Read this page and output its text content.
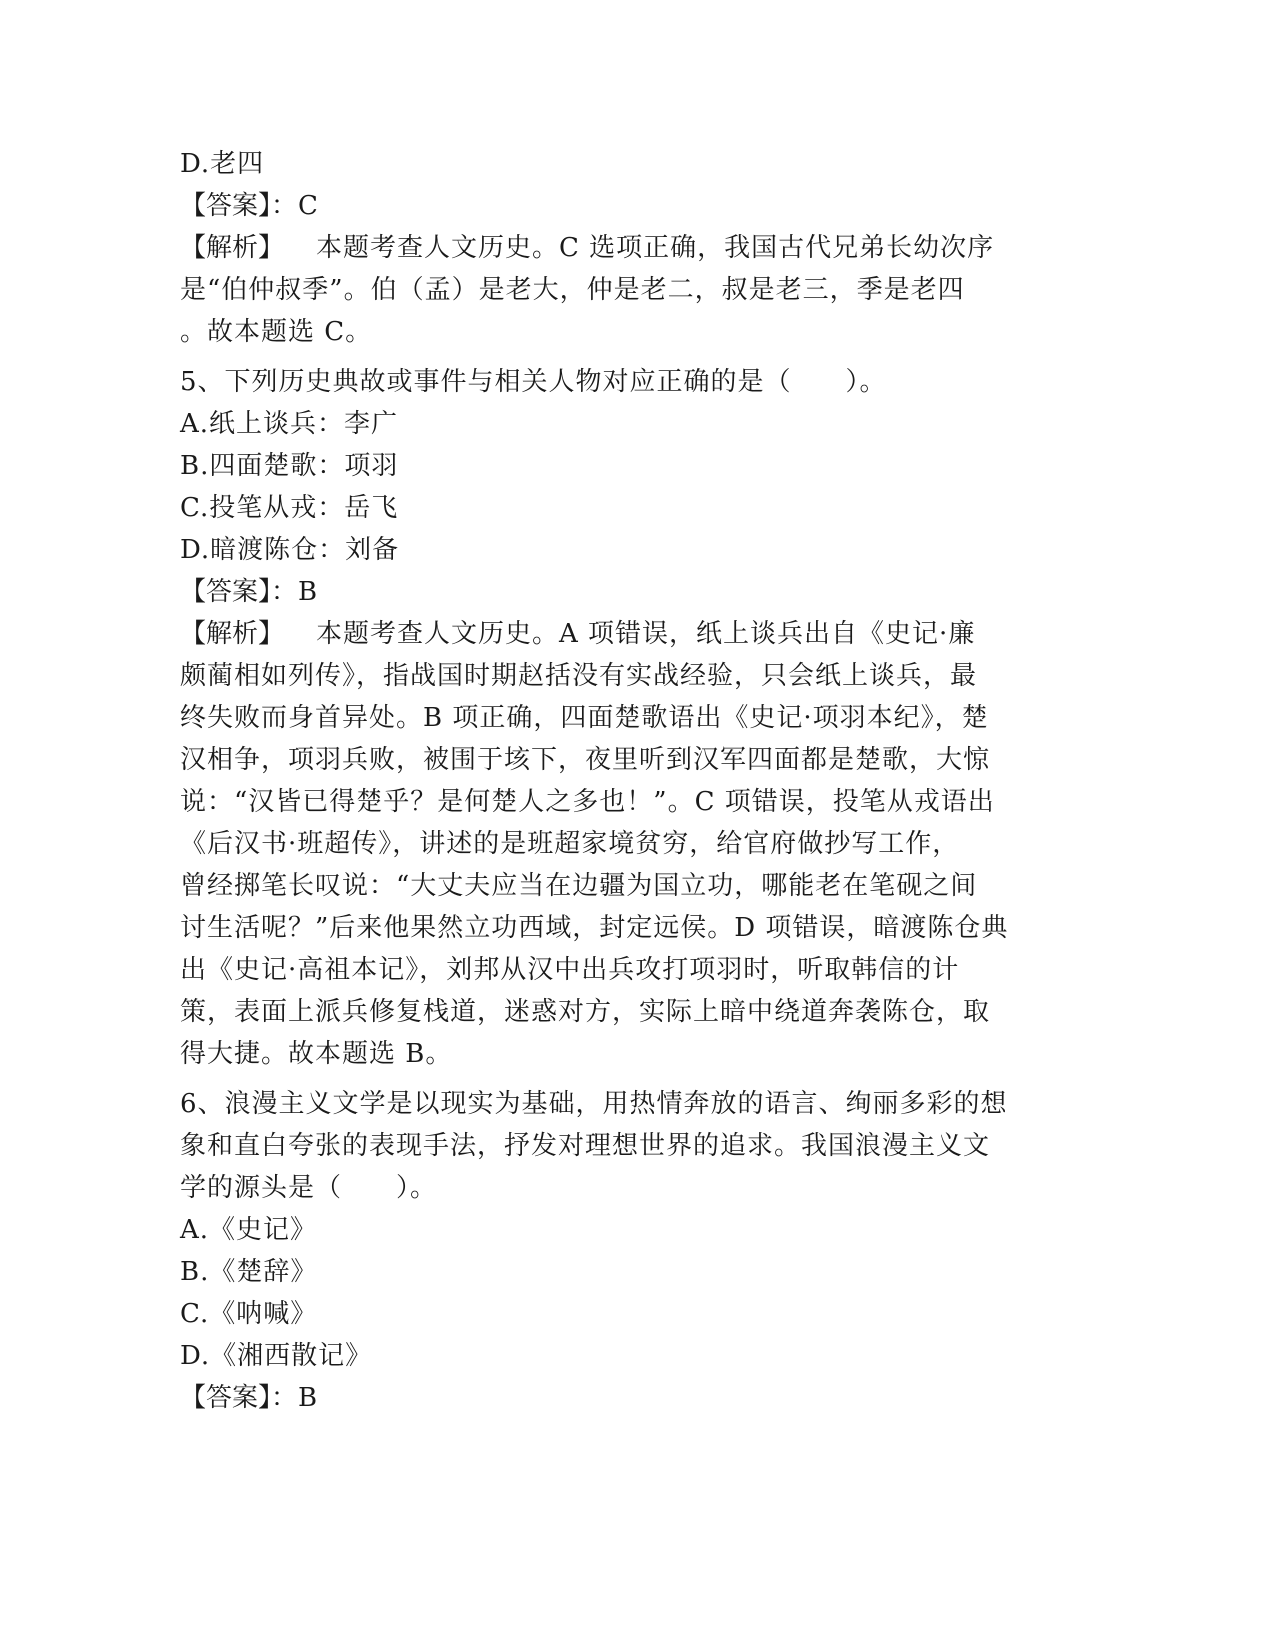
D.老四
【答案】：C
【解析】 本题考查人文历史。C 选项正确，我国古代兄弟长幼次序
是“伯仲叔季”。伯（孟）是老大，仲是老二，叔是老三，季是老四
。故本题选 C。
5、下列历史典故或事件与相关人物对应正确的是（　　）。
A.纸上谈兵：李广
B.四面楚歌：项羽
C.投笔从戎：岳飞
D.暗渡陈仓：刘备
【答案】：B
【解析】 本题考查人文历史。A 项错误，纸上谈兵出自《史记·廉
颇蔺相如列传》，指战国时期赵括没有实战经验，只会纸上谈兵，最
终失败而身首异处。B 项正确，四面楚歌语出《史记·项羽本纪》，楚
汉相争，项羽兵败，被围于垓下，夜里听到汉军四面都是楚歌，大惊
说：“汉皆已得楚乎？是何楚人之多也！”。C 项错误，投笔从戎语出
《后汉书·班超传》，讲述的是班超家境贫穷，给官府做抄写工作，
曾经掷笔长叹说：“大丈夫应当在边疆为国立功，哪能老在笔砚之间
讨生活呢？”后来他果然立功西域，封定远侯。D 项错误，暗渡陈仓典
出《史记·高祖本记》，刘邦从汉中出兵攻打项羽时，听取韩信的计
策，表面上派兵修复栈道，迷惑对方，实际上暗中绕道奔袭陈仓，取
得大捷。故本题选 B。
6、浪漫主义文学是以现实为基础，用热情奔放的语言、绚丽多彩的想
象和直白夸张的表现手法，抒发对理想世界的追求。我国浪漫主义文
学的源头是（　　）。
A.《史记》
B.《楚辞》
C.《呐喊》
D.《湘西散记》
【答案】：B
